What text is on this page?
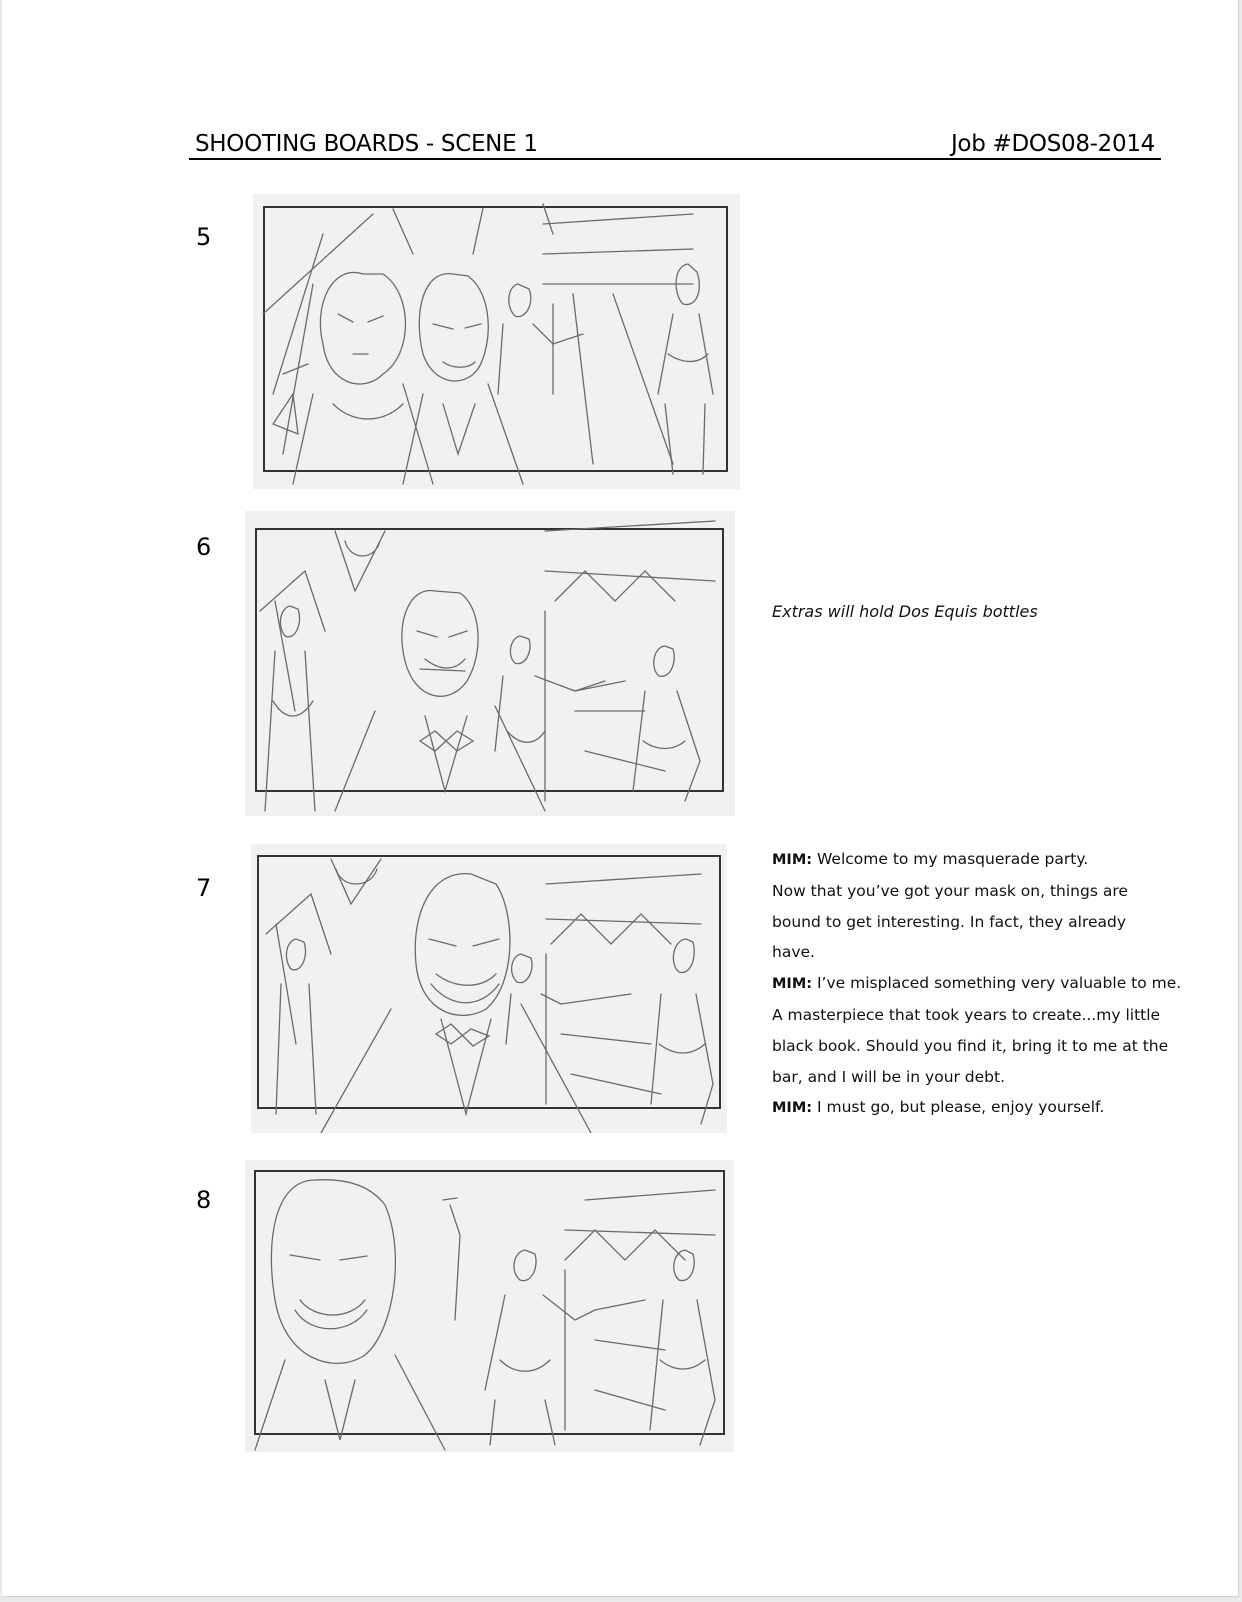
SHOOTING BOARDS - SCENE 1	Job #DOS08-2014
5
6
7
8
Extras will hold Dos Equis bottles
MIM: Welcome to my masquerade party.
Now that you’ve got your mask on, things are
bound to get interesting. In fact, they already
have.
MIM: I’ve misplaced something very valuable to me.
A masterpiece that took years to create...my little
black book. Should you find it, bring it to me at the
bar, and I will be in your debt.
MIM: I must go, but please, enjoy yourself.
